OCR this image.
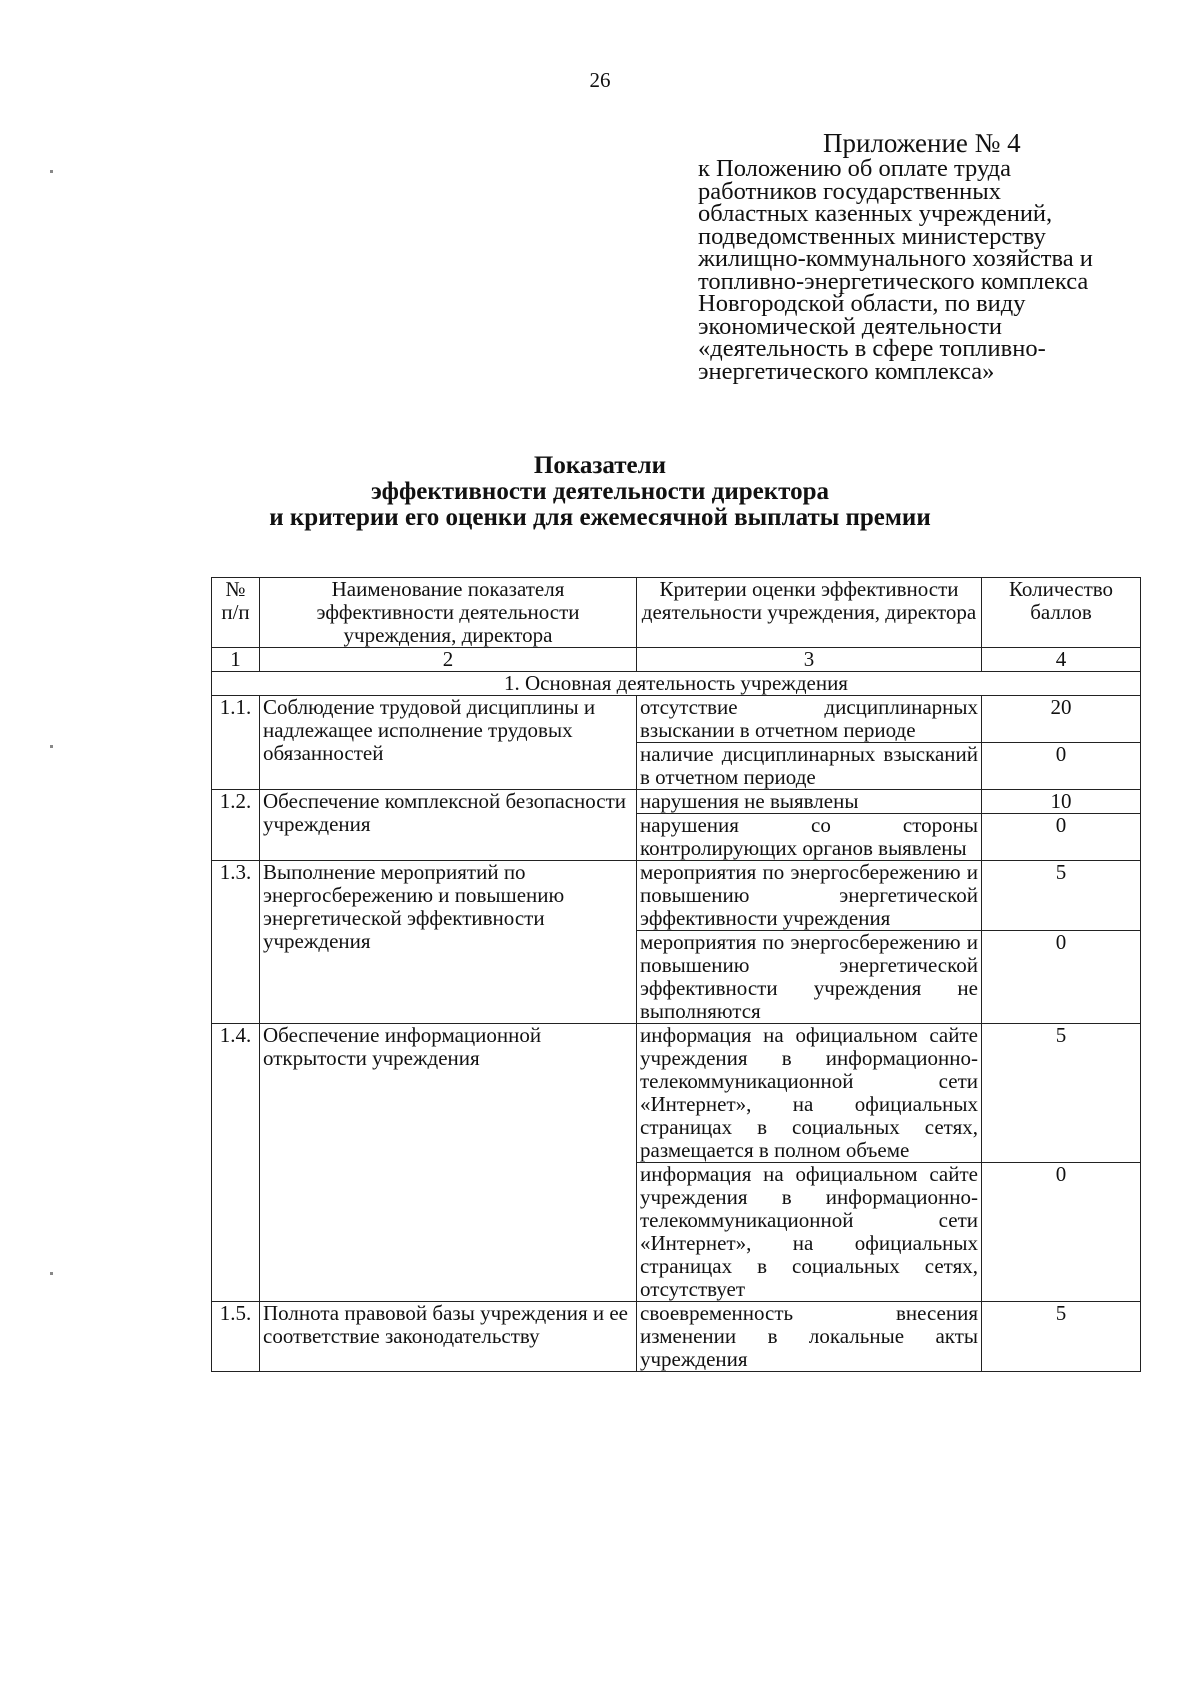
26
Приложение № 4
к Положению об оплате труда
работников государственных
областных казенных учреждений,
подведомственных министерству
жилищно-коммунального хозяйства и
топливно-энергетического комплекса
Новгородской области, по виду
экономической деятельности
«деятельность в сфере топливно-
энергетического комплекса»
Показатели
эффективности деятельности директора
и критерии его оценки для ежемесячной выплаты премии
№ п/п	Наименование показателя эффективности деятельности учреждения, директора	Критерии оценки эффективности деятельности учреждения, директора	Количество баллов
1	2	3	4
1. Основная деятельность учреждения			
1.1.	Соблюдение трудовой дисциплины и надлежащее исполнение трудовых обязанностей	отсутствие дисциплинарных взыскании в отчетном периоде	20
		наличие дисциплинарных взысканий в отчетном периоде	0
1.2.	Обеспечение комплексной безопасности учреждения	нарушения не выявлены	10
		нарушения со стороны контролирующих органов выявлены	0
1.3.	Выполнение мероприятий по энергосбережению и повышению энергетической эффективности учреждения	мероприятия по энергосбережению и повышению энергетической эффективности учреждения	5
		мероприятия по энергосбережению и повышению энергетической эффективности учреждения не выполняются	0
1.4.	Обеспечение информационной открытости учреждения	информация на официальном сайте учреждения в информационно-телекоммуникационной сети «Интернет», на официальных страницах в социальных сетях, размещается в полном объеме	5
		информация на официальном сайте учреждения в информационно-телекоммуникационной сети «Интернет», на официальных страницах в социальных сетях, отсутствует	0
1.5.	Полнота правовой базы учреждения и ее соответствие законодательству	своевременность внесения изменении в локальные акты учреждения	5
